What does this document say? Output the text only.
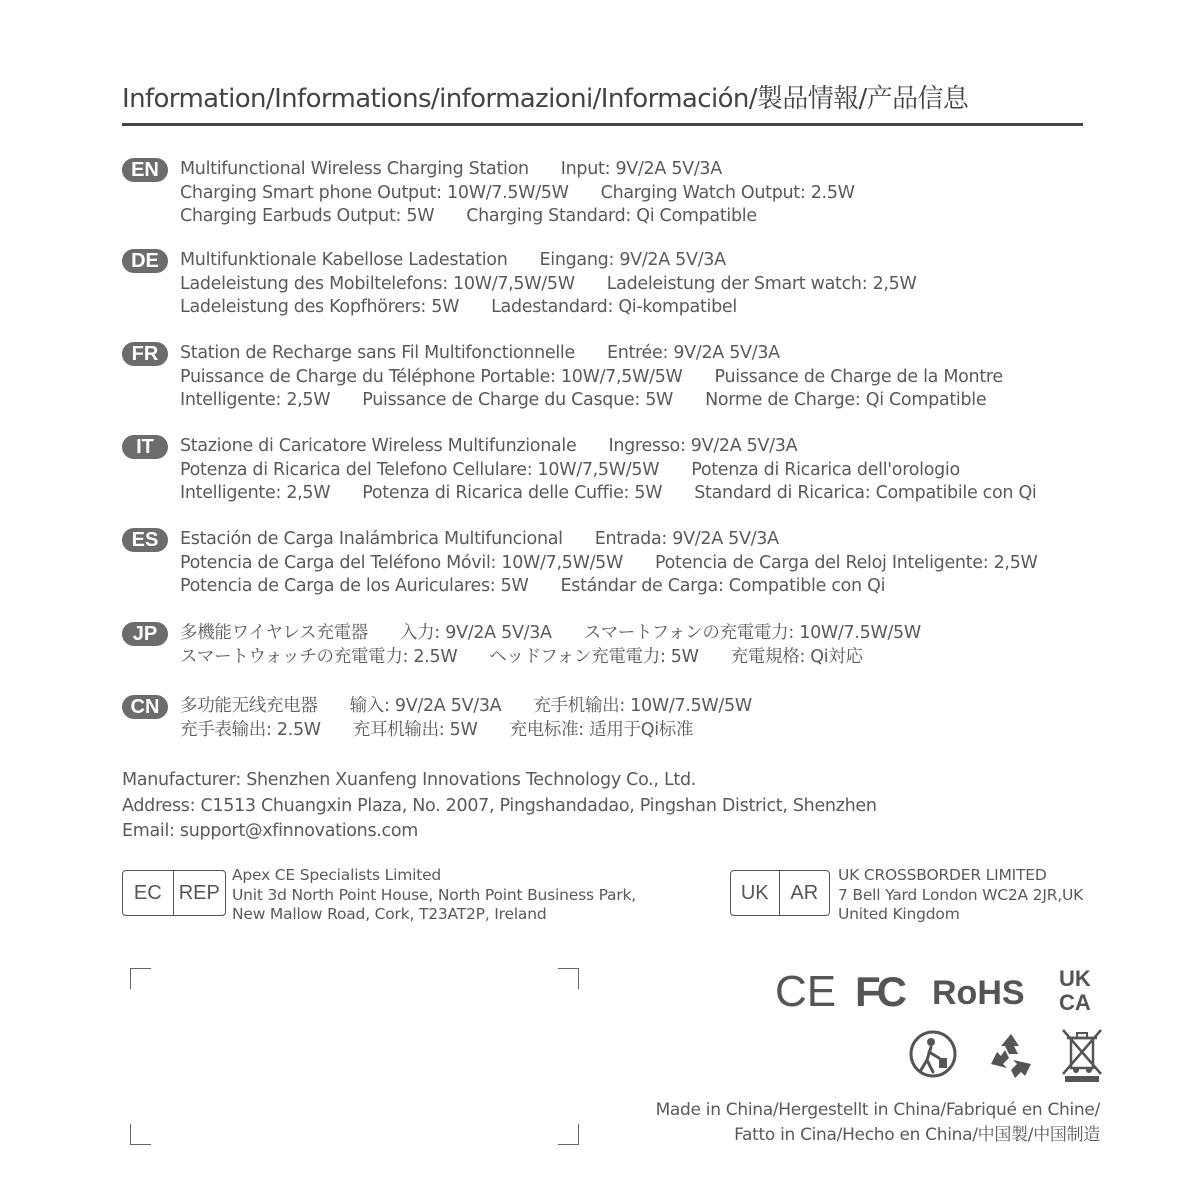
Information/Informations/informazioni/Información/製品情報/产品信息
EN	Multifunctional Wireless Charging Station Input: 9V/2A 5V/3A
Charging Smart phone Output: 10W/7.5W/5W Charging Watch Output: 2.5W
Charging Earbuds Output: 5W Charging Standard: Qi Compatible
DE	Multifunktionale Kabellose Ladestation Eingang: 9V/2A 5V/3A
Ladeleistung des Mobiltelefons: 10W/7,5W/5W Ladeleistung der Smart watch: 2,5W
Ladeleistung des Kopfhörers: 5W Ladestandard: Qi-kompatibel
FR	Station de Recharge sans Fil Multifonctionnelle Entrée: 9V/2A 5V/3A
Puissance de Charge du Téléphone Portable: 10W/7,5W/5W Puissance de Charge de la Montre
Intelligente: 2,5W Puissance de Charge du Casque: 5W Norme de Charge: Qi Compatible
IT	Stazione di Caricatore Wireless Multifunzionale Ingresso: 9V/2A 5V/3A
Potenza di Ricarica del Telefono Cellulare: 10W/7,5W/5W Potenza di Ricarica dell'orologio
Intelligente: 2,5W Potenza di Ricarica delle Cuffie: 5W Standard di Ricarica: Compatibile con Qi
ES	Estación de Carga Inalámbrica Multifuncional Entrada: 9V/2A 5V/3A
Potencia de Carga del Teléfono Móvil: 10W/7,5W/5W Potencia de Carga del Reloj Inteligente: 2,5W
Potencia de Carga de los Auriculares: 5W Estándar de Carga: Compatible con Qi
JP	多機能ワイヤレス充電器 入力: 9V/2A 5V/3A スマートフォンの充電電力: 10W/7.5W/5W
スマートウォッチの充電電力: 2.5W ヘッドフォン充電電力: 5W 充電規格: Qi対応
CN	多功能无线充电器 输入: 9V/2A 5V/3A 充手机输出: 10W/7.5W/5W
充手表输出: 2.5W 充耳机输出: 5W 充电标准: 适用于Qi标准
Manufacturer: Shenzhen Xuanfeng Innovations Technology Co., Ltd.
Address: C1513 Chuangxin Plaza, No. 2007, Pingshandadao, Pingshan District, Shenzhen
Email: support@xfinnovations.com
EC REP
Apex CE Specialists Limited
Unit 3d North Point House, North Point Business Park,
New Mallow Road, Cork, T23AT2P, Ireland
UK	AR
UK CROSSBORDER LIMITED
7 Bell Yard London WC2A 2JR,UK
United Kingdom
CE FC RoHS UK
CA
Made in China/Hergestellt in China/Fabriqué en Chine/
Fatto in Cina/Hecho en China/中国製/中国制造
